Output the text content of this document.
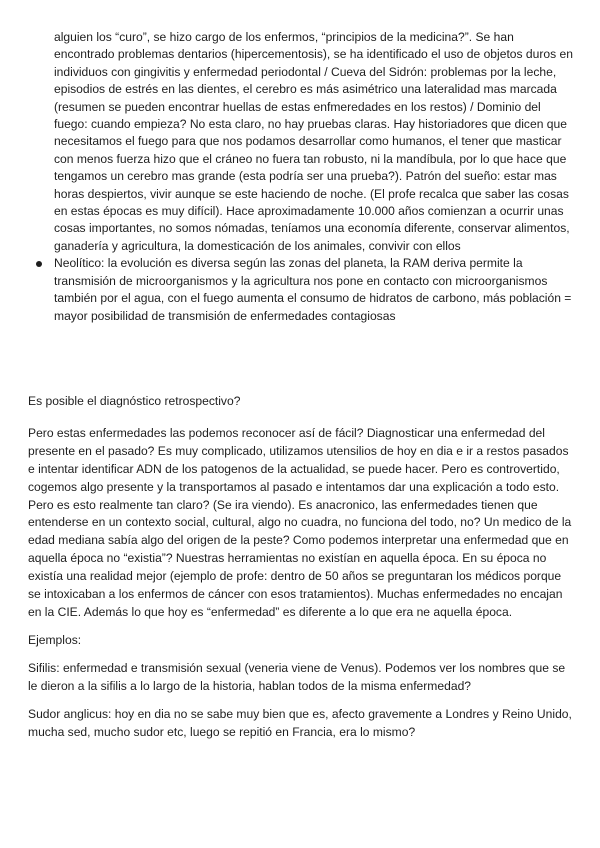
alguien los “curo”, se hizo cargo de los enfermos, “principios de la medicina?”. Se han encontrado problemas dentarios (hipercementosis), se ha identificado el uso de objetos duros en individuos con gingivitis y enfermedad periodontal / Cueva del Sidrón: problemas por la leche, episodios de estrés en las dientes, el cerebro es más asimétrico una lateralidad mas marcada (resumen se pueden encontrar huellas de estas enfmeredades en los restos) / Dominio del fuego: cuando empieza? No esta claro, no hay pruebas claras. Hay historiadores que dicen que necesitamos el fuego para que nos podamos desarrollar como humanos, el tener que masticar con menos fuerza hizo que el cráneo no fuera tan robusto, ni la mandíbula, por lo que hace que tengamos un cerebro mas grande (esta podría ser una prueba?). Patrón del sueño: estar mas horas despiertos, vivir aunque se este haciendo de noche. (El profe recalca que saber las cosas en estas épocas es muy difícil). Hace aproximadamente 10.000 años comienzan a ocurrir unas cosas importantes, no somos nómadas, teníamos una economía diferente, conservar alimentos, ganadería y agricultura, la domesticación de los animales, convivir con ellos

Neolítico: la evolución es diversa según las zonas del planeta, la RAM deriva permite la transmisión de microorganismos y la agricultura nos pone en contacto con microorganismos también por el agua, con el fuego aumenta el consumo de hidratos de carbono, más población = mayor posibilidad de transmisión de enfermedades contagiosas

Es posible el diagnóstico retrospectivo?

Pero estas enfermedades las podemos reconocer así de fácil? Diagnosticar una enfermedad del presente en el pasado? Es muy complicado, utilizamos utensilios de hoy en dia e ir a restos pasados e intentar identificar ADN de los patogenos de la actualidad, se puede hacer. Pero es controvertido, cogemos algo presente y la transportamos al pasado e intentamos dar una explicación a todo esto. Pero es esto realmente tan claro? (Se ira viendo). Es anacronico, las enfermedades tienen que entenderse en un contexto social, cultural, algo no cuadra, no funciona del todo, no? Un medico de la edad mediana sabía algo del origen de la peste? Como podemos interpretar una enfermedad que en aquella época no “existia”? Nuestras herramientas no existían en aquella época. En su época no existía una realidad mejor (ejemplo de profe: dentro de 50 años se preguntaran los médicos porque se intoxicaban a los enfermos de cáncer con esos tratamientos). Muchas enfermedades no encajan en la CIE. Además lo que hoy es “enfermedad” es diferente a lo que era ne aquella época.

Ejemplos:

Sifilis: enfermedad e transmisión sexual (veneria viene de Venus). Podemos ver los nombres que se le dieron a la sifilis a lo largo de la historia, hablan todos de la misma enfermedad?

Sudor anglicus: hoy en dia no se sabe muy bien que es, afecto gravemente a Londres y Reino Unido, mucha sed, mucho sudor etc, luego se repitió en Francia, era lo mismo?
